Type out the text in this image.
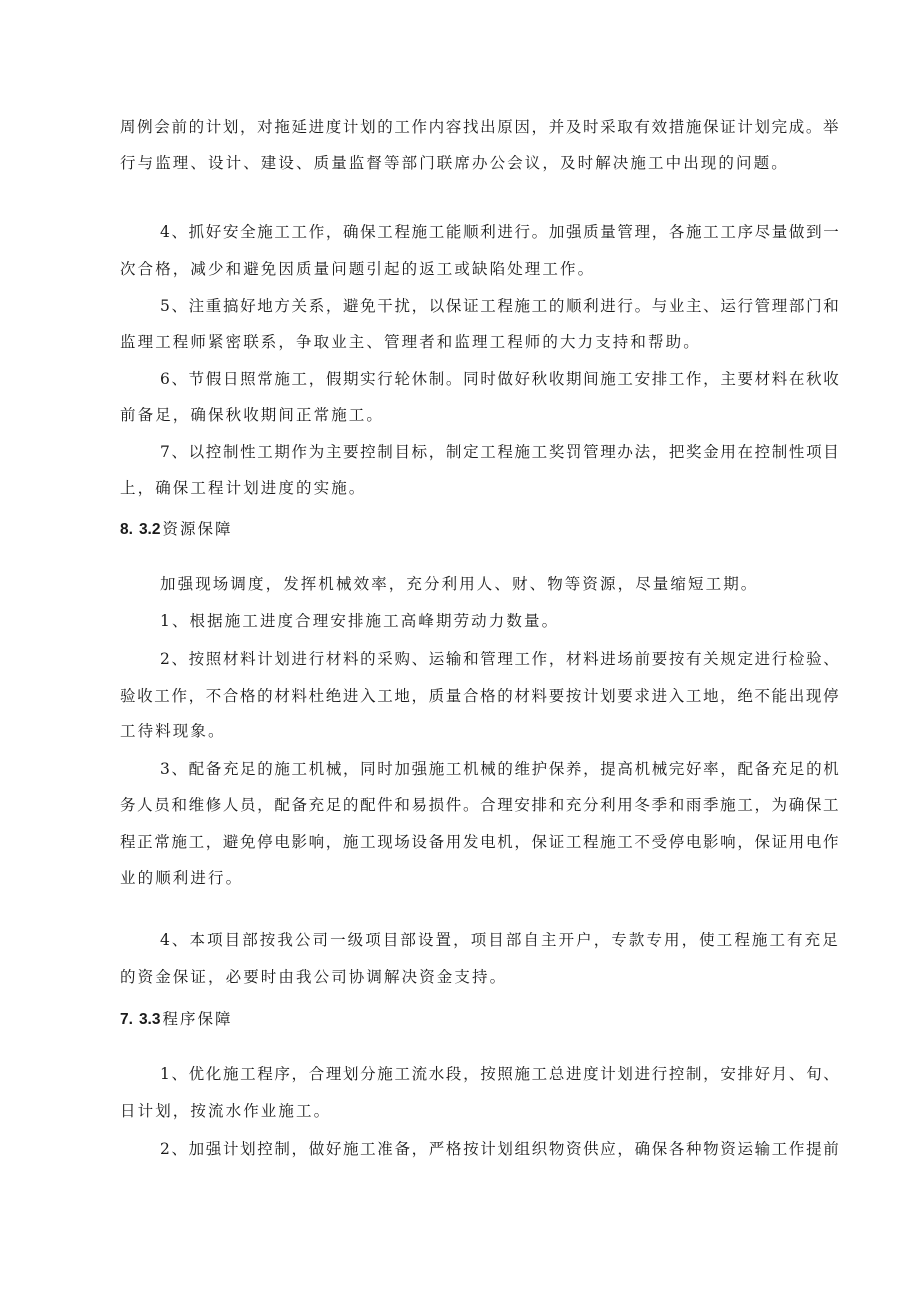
周例会前的计划，对拖延进度计划的工作内容找出原因，并及时采取有效措施保证计划完成。举
行与监理、设计、建设、质量监督等部门联席办公会议，及时解决施工中出现的问题。
4、抓好安全施工工作，确保工程施工能顺利进行。加强质量管理，各施工工序尽量做到一
次合格，减少和避免因质量问题引起的返工或缺陷处理工作。
5、注重搞好地方关系，避免干扰，以保证工程施工的顺利进行。与业主、运行管理部门和
监理工程师紧密联系，争取业主、管理者和监理工程师的大力支持和帮助。
6、节假日照常施工，假期实行轮休制。同时做好秋收期间施工安排工作，主要材料在秋收
前备足，确保秋收期间正常施工。
7、以控制性工期作为主要控制目标，制定工程施工奖罚管理办法，把奖金用在控制性项目
上，确保工程计划进度的实施。
8. 3.2 资源保障
加强现场调度，发挥机械效率，充分利用人、财、物等资源，尽量缩短工期。
1、根据施工进度合理安排施工高峰期劳动力数量。
2、按照材料计划进行材料的采购、运输和管理工作，材料进场前要按有关规定进行检验、
验收工作，不合格的材料杜绝进入工地，质量合格的材料要按计划要求进入工地，绝不能出现停
工待料现象。
3、配备充足的施工机械，同时加强施工机械的维护保养，提高机械完好率，配备充足的机
务人员和维修人员，配备充足的配件和易损件。合理安排和充分利用冬季和雨季施工，为确保工
程正常施工，避免停电影响，施工现场设备用发电机，保证工程施工不受停电影响，保证用电作
业的顺利进行。
4、本项目部按我公司一级项目部设置，项目部自主开户，专款专用，使工程施工有充足
的资金保证，必要时由我公司协调解决资金支持。
7. 3.3 程序保障
1、优化施工程序，合理划分施工流水段，按照施工总进度计划进行控制，安排好月、旬、
日计划，按流水作业施工。
2、加强计划控制，做好施工准备，严格按计划组织物资供应，确保各种物资运输工作提前
